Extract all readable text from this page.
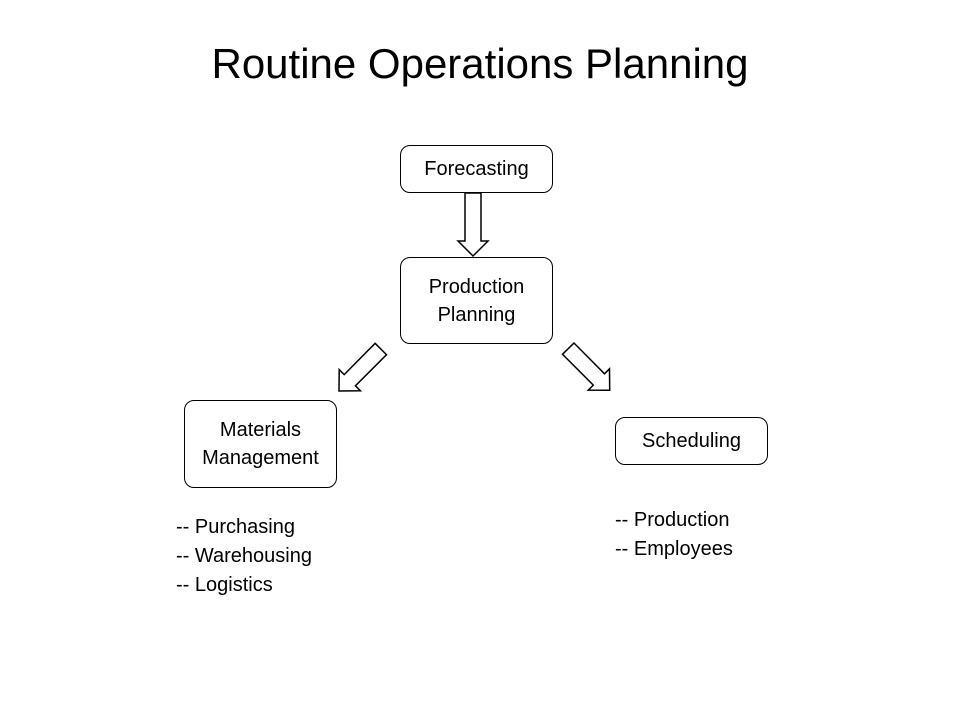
Routine Operations Planning
Forecasting
Production
Planning
Materials
Management
Scheduling
-- Purchasing
-- Warehousing
-- Logistics
-- Production
-- Employees
